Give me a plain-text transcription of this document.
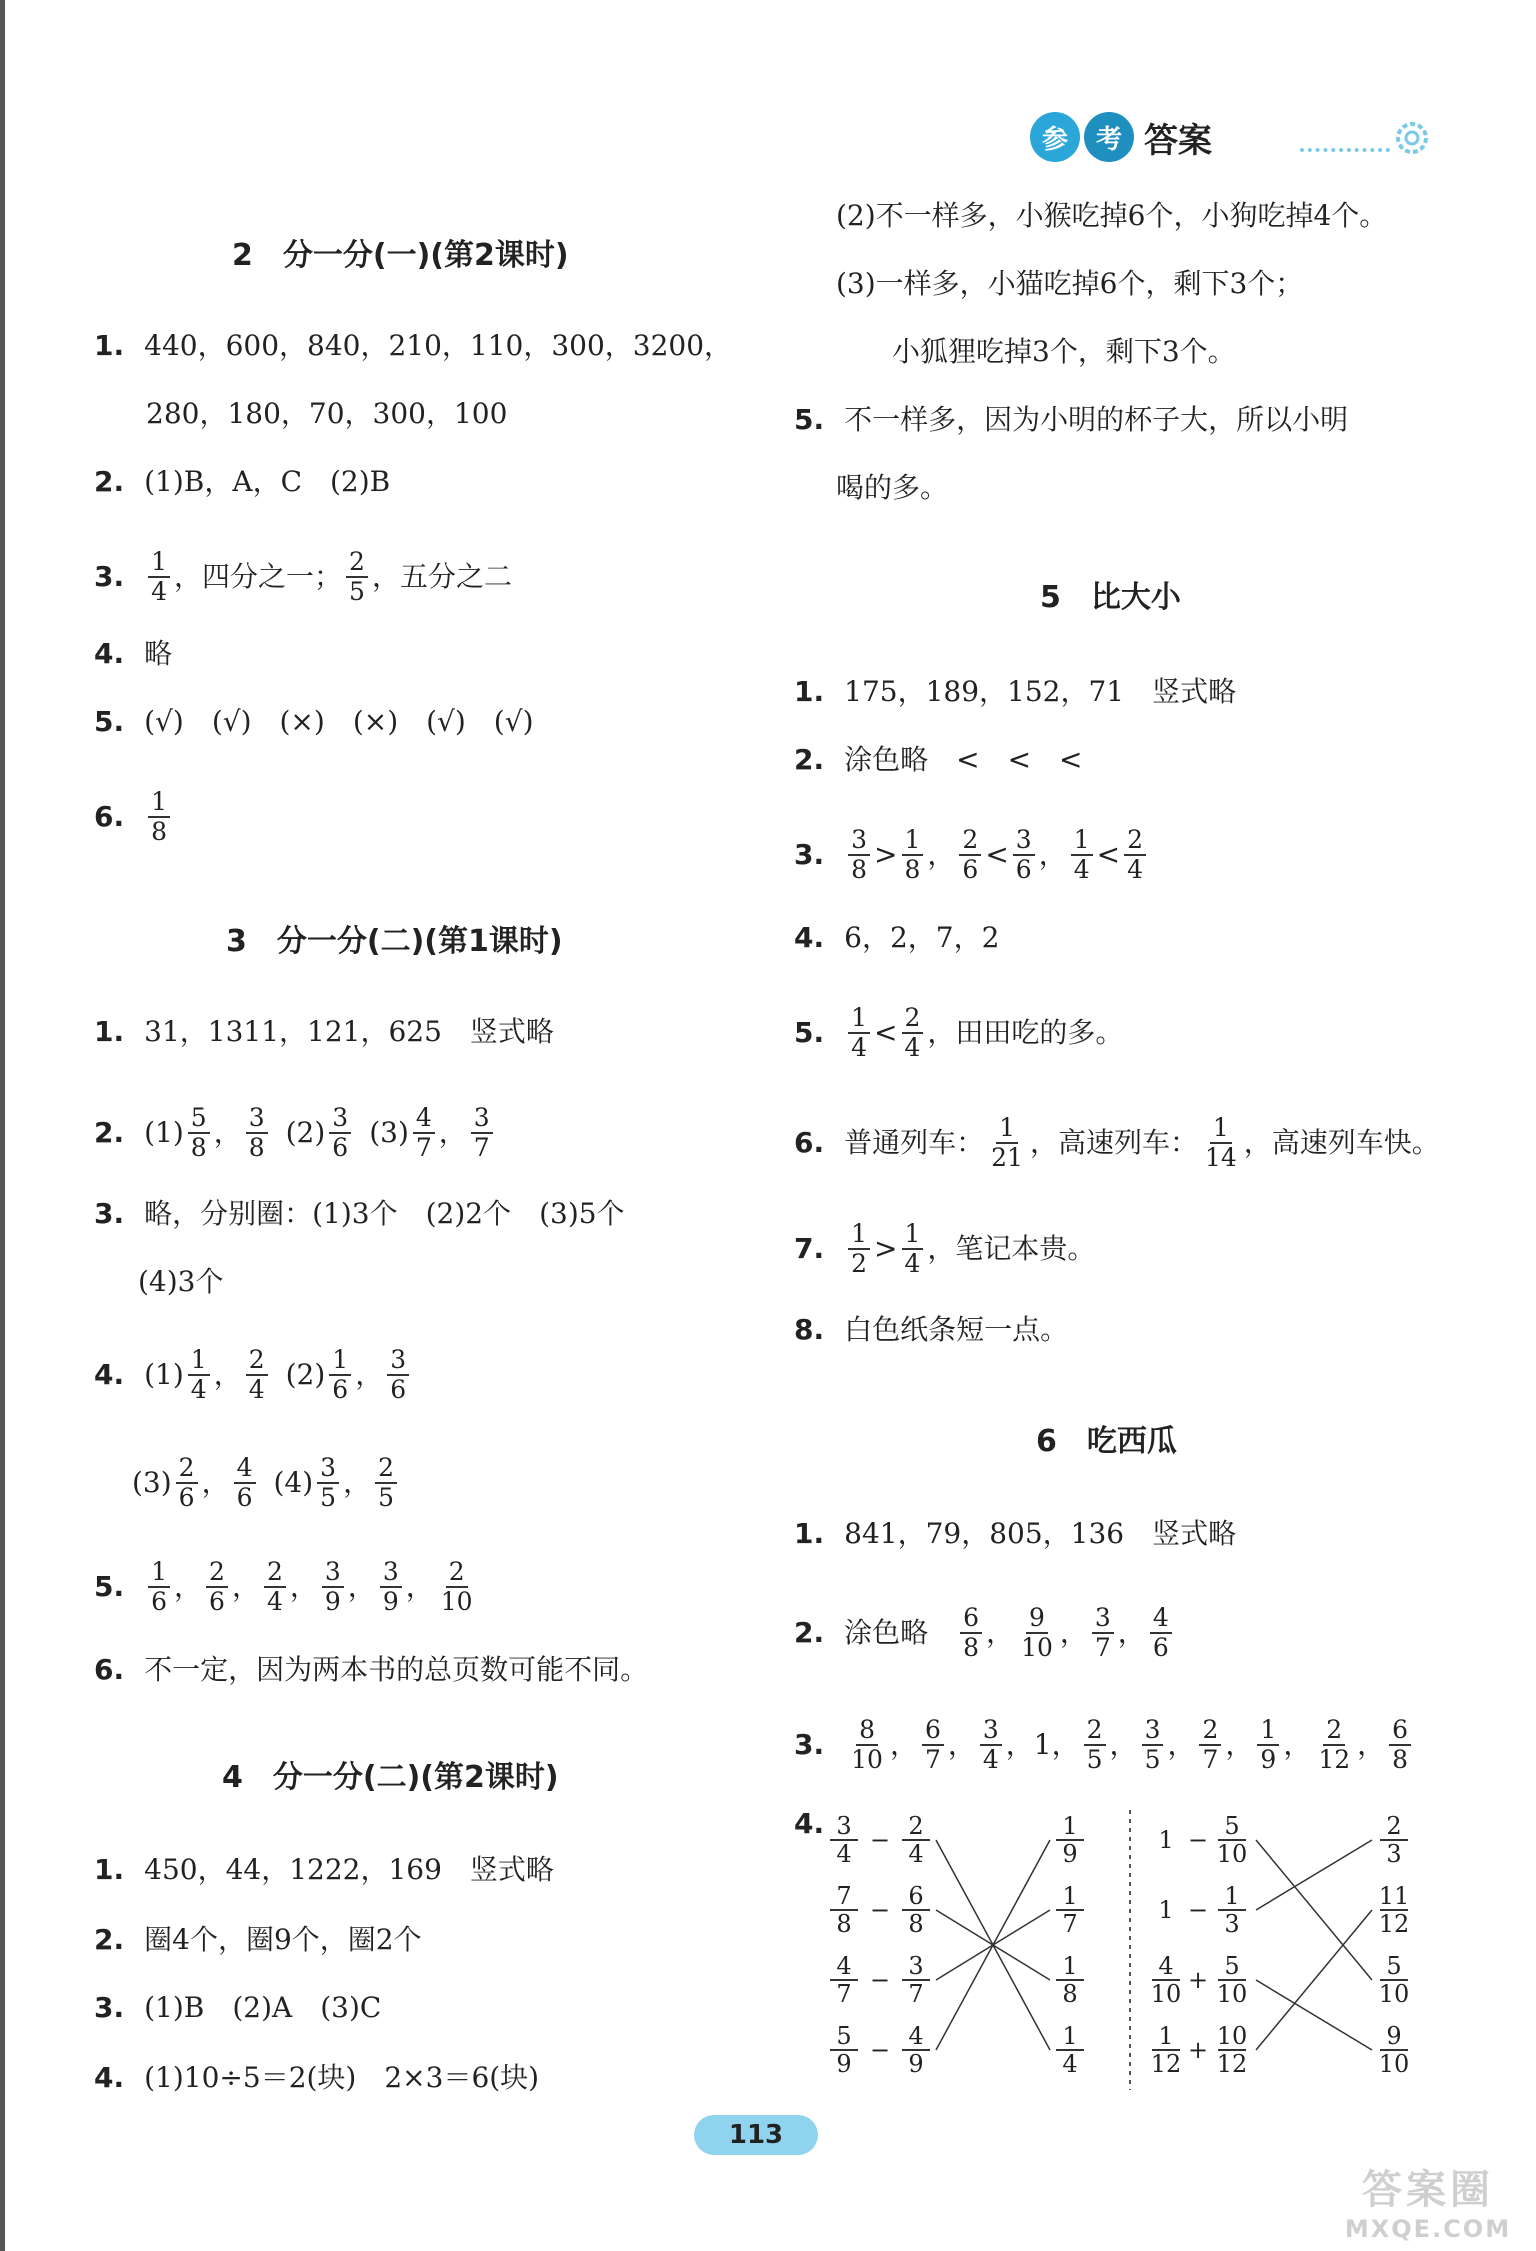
参	考 答案
2　分一分(一)(第2课时)
1. 440，600，840，210，110，300，3200，
280，180，70，300，100
2. (1)B，A，C　(2)B
3. $\frac{1}{4}$ ，四分之一； $\frac{2}{5}$ ，五分之二
4. 略
5. (√)　(√)　(×)　(×)　(√)　(√)
6. $\frac{1}{8}$
3　分一分(二)(第1课时)
1. 31，1311，121，625　竖式略
2. $(1) \frac{5}{8}$ ， $\frac{3}{8} (2) \frac{3}{6} (3) \frac{4}{7}$ ， $\frac{3}{7}$
3. 略，分别圈：(1)3个　(2)2个　(3)5个
(4)3个
4. $(1) \frac{1}{4}$ ， $\frac{2}{4} (2) \frac{1}{6}$ ， $\frac{3}{6}$
$(3) \frac{2}{6}$ ， $\frac{4}{6} (4) \frac{3}{5}$ ， $\frac{2}{5}$
5. $\frac{1}{6}$ ， $\frac{2}{6}$ ， $\frac{2}{4}$ ， $\frac{3}{9}$ ， $\frac{3}{9}$ ， $\frac{2}{10}$
6. 不一定，因为两本书的总页数可能不同。
4　分一分(二)(第2课时)
1. 450，44，1222，169　竖式略
2. 圈4个，圈9个，圈2个
3. (1)B　(2)A　(3)C
4. (1)10÷5＝2(块)　2×3＝6(块)
(2)不一样多，小猴吃掉6个，小狗吃掉4个。
(3)一样多，小猫吃掉6个，剩下3个；
小狐狸吃掉3个，剩下3个。
5. 不一样多，因为小明的杯子大，所以小明
喝的多。
5　比大小
1. 175，189，152，71　竖式略
2. 涂色略　<　<　<
3. $\frac{3}{8} > \frac{1}{8}$ ， $\frac{2}{6} < \frac{3}{6}$ ， $\frac{1}{4} < \frac{2}{4}$
4. 6，2，7，2
5. $\frac{1}{4} < \frac{2}{4}$ ，田田吃的多。
6. 普通列车： $\frac{1}{21}$ ，高速列车： $\frac{1}{14}$ ，高速列车快。
7. $\frac{1}{2} > \frac{1}{4}$ ，笔记本贵。
8. 白色纸条短一点。
6　吃西瓜
1. 841，79，805，136　竖式略
2. 涂色略 $\frac{6}{8}$ ， $\frac{9}{10}$ ， $\frac{3}{7}$ ， $\frac{4}{6}$
3. $\frac{8}{10}$ ， $\frac{6}{7}$ ， $\frac{3}{4}$ ， 1 ， $\frac{2}{5}$ ， $\frac{3}{5}$ ， $\frac{2}{7}$ ， $\frac{1}{9}$ ， $\frac{2}{12}$ ， $\frac{6}{8}$
4. 3
4 − 2
4
7
8 − 6
8
4
7 − 3
7
5
9 − 4
9
1
9
1
7
1
8
1
4
1 − 5
10
1 − 1
3
4
10 + 5
10
1
12 + 10
12
2
3
11
12
5
10
9
10
113
答案圈
MXQE.COM
